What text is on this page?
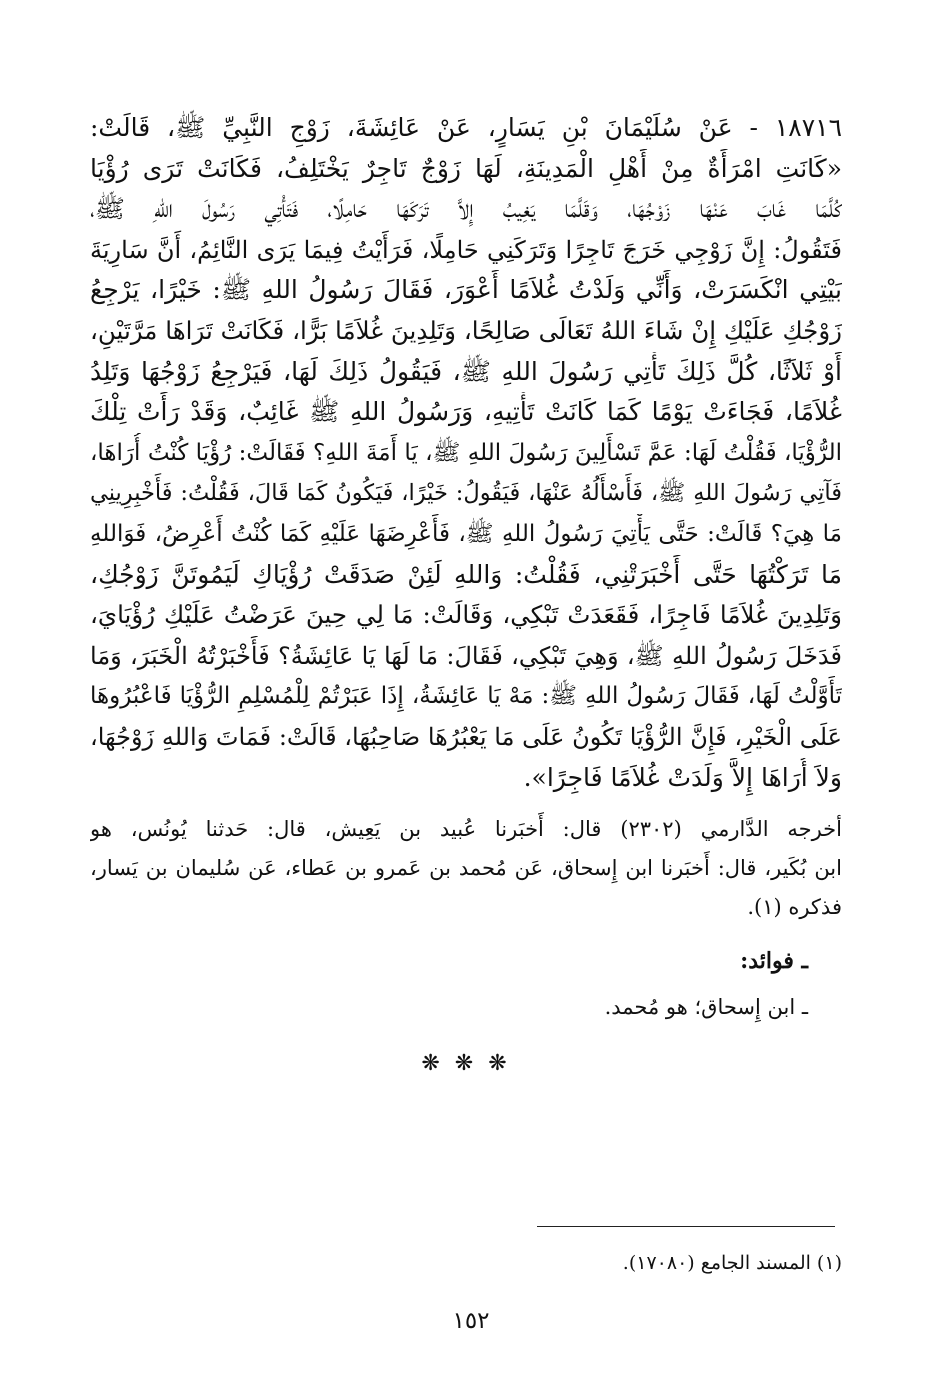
١٨٧١٦ - عَنْ سُلَيْمَانَ بْنِ يَسَارٍ، عَنْ عَائِشَةَ، زَوْجِ النَّبِيِّ ﷺ، قَالَتْ:

«كَانَتِ امْرَأَةٌ مِنْ أَهْلِ الْمَدِينَةِ، لَهَا زَوْجٌ تَاجِرٌ يَخْتَلِفُ، فَكَانَتْ تَرَى رُؤْيَا

كُلَّمَا غَابَ عَنْهَا زَوْجُهَا، وَقَلَّمَا يَغِيبُ إِلاَّ تَرَكَهَا حَامِلًا، فَتَأْتِي رَسُولَ اللهِ ﷺ،

فَتَقُولُ: إِنَّ زَوْجِي خَرَجَ تَاجِرًا وَتَرَكَنِي حَامِلًا، فَرَأَيْتُ فِيمَا يَرَى النَّائِمُ، أَنَّ سَارِيَةَ

بَيْتِي انْكَسَرَتْ، وَأَنِّي وَلَدْتُ غُلاَمًا أَعْوَرَ، فَقَالَ رَسُولُ اللهِ ﷺ: خَيْرًا، يَرْجِعُ

زَوْجُكِ عَلَيْكِ إِنْ شَاءَ اللهُ تَعَالَى صَالِحًا، وَتَلِدِينَ غُلاَمًا بَرًّا، فَكَانَتْ تَرَاهَا مَرَّتَيْنِ،

أَوْ ثَلاَثًا، كُلَّ ذَلِكَ تَأْتِي رَسُولَ اللهِ ﷺ، فَيَقُولُ ذَلِكَ لَهَا، فَيَرْجِعُ زَوْجُهَا وَتَلِدُ

غُلاَمًا، فَجَاءَتْ يَوْمًا كَمَا كَانَتْ تَأْتِيهِ، وَرَسُولُ اللهِ ﷺ غَائِبٌ، وَقَدْ رَأَتْ تِلْكَ

الرُّؤْيَا، فَقُلْتُ لَهَا: عَمَّ تَسْأَلِينَ رَسُولَ اللهِ ﷺ، يَا أَمَةَ اللهِ؟ فَقَالَتْ: رُؤْيَا كُنْتُ أُرَاهَا،

فَآتِي رَسُولَ اللهِ ﷺ، فَأَسْأَلُهُ عَنْهَا، فَيَقُولُ: خَيْرًا، فَيَكُونُ كَمَا قَالَ، فَقُلْتُ: فَأَخْبِرِينِي

مَا هِيَ؟ قَالَتْ: حَتَّى يَأْتِيَ رَسُولُ اللهِ ﷺ، فَأَعْرِضَهَا عَلَيْهِ كَمَا كُنْتُ أَعْرِضُ، فَوَاللهِ

مَا تَرَكْتُهَا حَتَّى أَخْبَرَتْنِي، فَقُلْتُ: وَاللهِ لَئِنْ صَدَقَتْ رُؤْيَاكِ لَيَمُوتَنَّ زَوْجُكِ،

وَتَلِدِينَ غُلاَمًا فَاجِرًا، فَقَعَدَتْ تَبْكِي، وَقَالَتْ: مَا لِي حِينَ عَرَضْتُ عَلَيْكِ رُؤْيَايَ،

فَدَخَلَ رَسُولُ اللهِ ﷺ، وَهِيَ تَبْكِي، فَقَالَ: مَا لَهَا يَا عَائِشَةُ؟ فَأَخْبَرْتُهُ الْخَبَرَ، وَمَا

تَأَوَّلْتُ لَهَا، فَقَالَ رَسُولُ اللهِ ﷺ: مَهْ يَا عَائِشَةُ، إِذَا عَبَرْتُمْ لِلْمُسْلِمِ الرُّؤْيَا فَاعْبُرُوهَا

عَلَى الْخَيْرِ، فَإِنَّ الرُّؤْيَا تَكُونُ عَلَى مَا يَعْبُرُهَا صَاحِبُهَا، قَالَتْ: فَمَاتَ وَاللهِ زَوْجُهَا،

وَلاَ أُرَاهَا إِلاَّ وَلَدَتْ غُلاَمًا فَاجِرًا».

أخرجه الدَّارمي (٢٣٠٢) قال: أَخبَرنا عُبيد بن يَعِيش، قال: حَدثنا يُونُس، هو

ابن بُكَير، قال: أَخبَرنا ابن إِسحاق، عَن مُحمد بن عَمرو بن عَطاء، عَن سُليمان بن يَسار،

فذكره (١).

ـ فوائد:
ـ ابن إِسحاق؛ هو مُحمد.
❋ ❋ ❋
(١) المسند الجامع (١٧٠٨٠).
١٥٢
